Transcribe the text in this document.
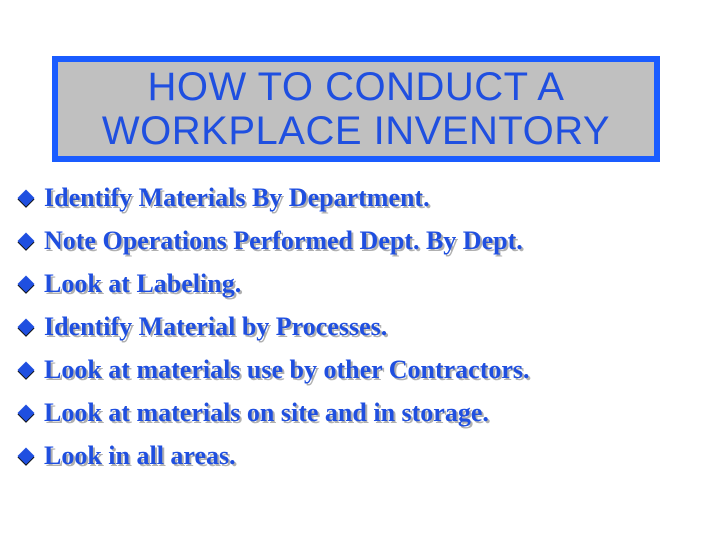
HOW TO CONDUCT A
WORKPLACE INVENTORY
Identify Materials By Department.
Note Operations Performed Dept. By Dept.
Look at Labeling.
Identify Material by Processes.
Look at materials use by other Contractors.
Look at materials on site and in storage.
Look in all areas.
